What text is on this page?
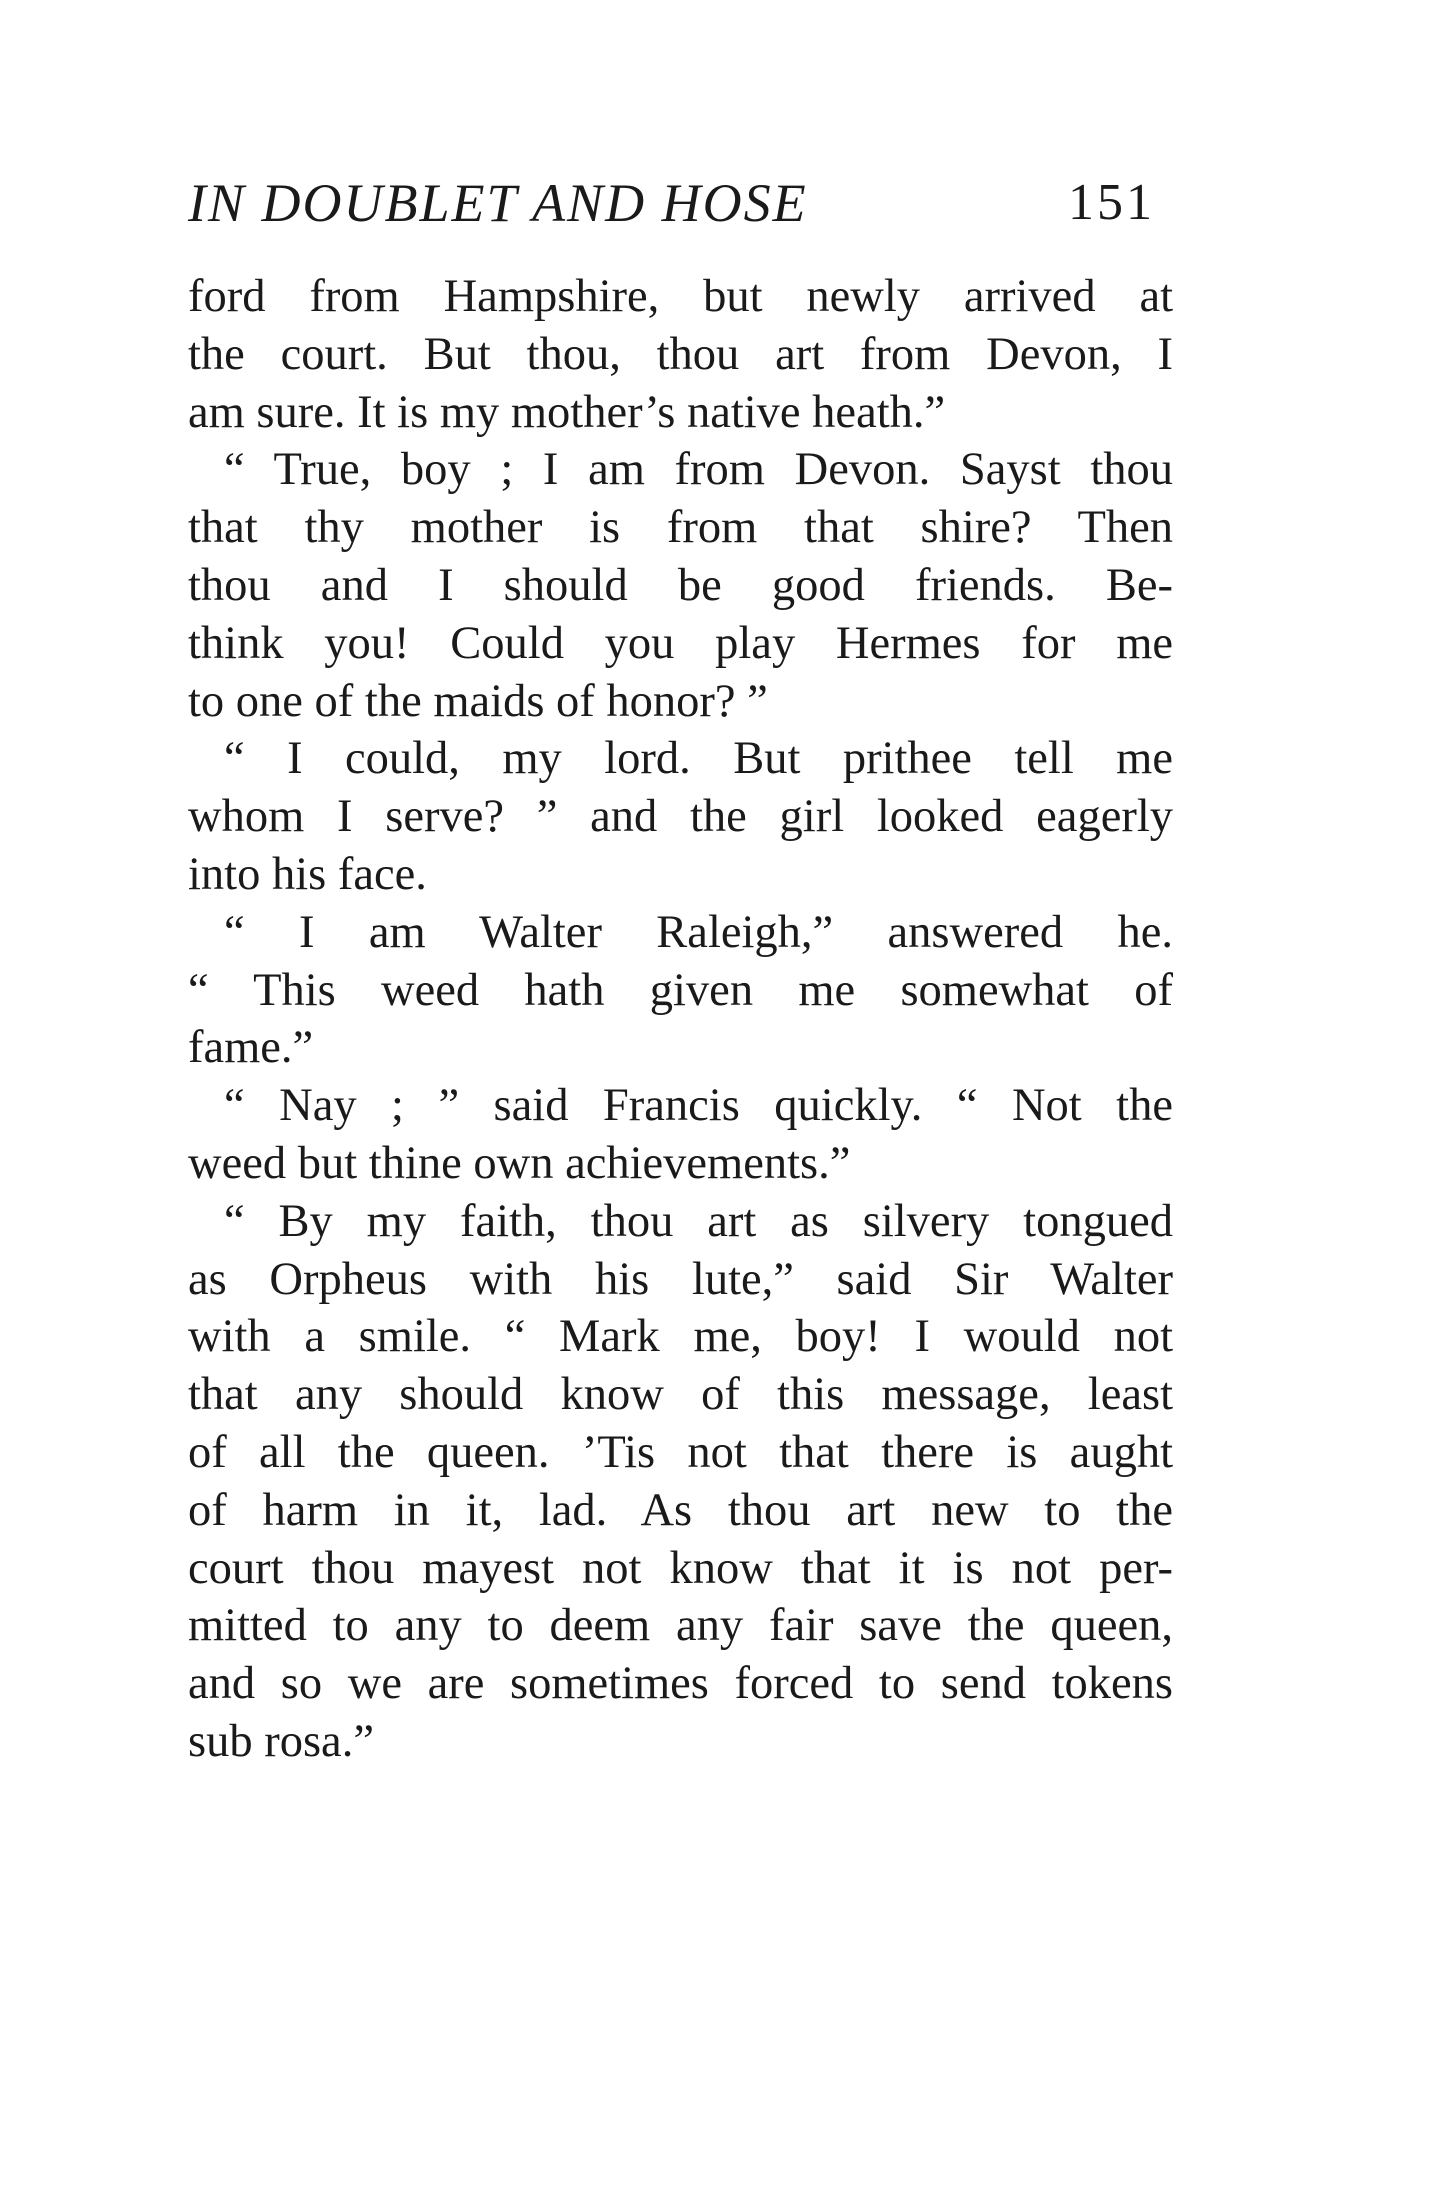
IN DOUBLET AND HOSE	151
ford from Hampshire, but newly arrived at
the court. But thou, thou art from Devon, I
am sure. It is my mother’s native heath.”
“ True, boy ; I am from Devon. Sayst thou
that thy mother is from that shire? Then
thou and I should be good friends. Be-
think you! Could you play Hermes for me
to one of the maids of honor? ”
“ I could, my lord. But prithee tell me
whom I serve? ” and the girl looked eagerly
into his face.
“ I am Walter Raleigh,” answered he.
“ This weed hath given me somewhat of
fame.”
“ Nay ; ” said Francis quickly. “ Not the
weed but thine own achievements.”
“ By my faith, thou art as silvery tongued
as Orpheus with his lute,” said Sir Walter
with a smile. “ Mark me, boy! I would not
that any should know of this message, least
of all the queen. ’Tis not that there is aught
of harm in it, lad. As thou art new to the
court thou mayest not know that it is not per-
mitted to any to deem any fair save the queen,
and so we are sometimes forced to send tokens
sub rosa.”
